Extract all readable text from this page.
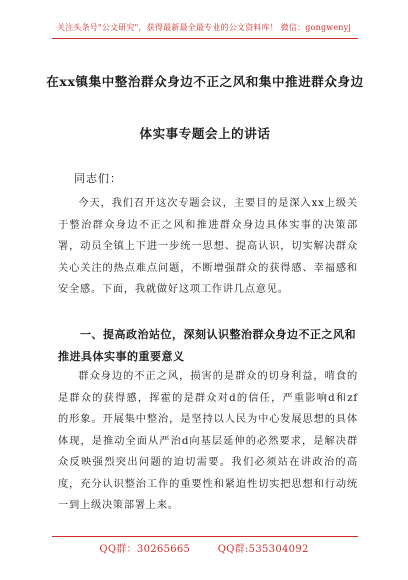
关注头条号"公文研究"，获得最新最全最专业的公文资料库！ 微信：gongwenyj
在xx镇集中整治群众身边不正之风和集中推进群众身边
体实事专题会上的讲话
同志们：
今天，我们召开这次专题会议，主要目的是深入xx上级关于整治群众身边不正之风和推进群众身边具体实事的决策部署，动员全镇上下进一步统一思想、提高认识，切实解决群众关心关注的热点难点问题，不断增强群众的获得感、幸福感和安全感。下面，我就做好这项工作讲几点意见。
一、提高政治站位，深刻认识整治群众身边不正之风和推进具体实事的重要意义
群众身边的不正之风，损害的是群众的切身利益，啃食的是群众的获得感，挥霍的是群众对d的信任，严重影响d和zf的形象。开展集中整治，是坚持以人民为中心发展思想的具体体现，是推动全面从严治d向基层延伸的必然要求，是解决群众反映强烈突出问题的迫切需要。我们必须站在讲政治的高度，充分认识整治工作的重要性和紧迫性切实把思想和行动统一到上级决策部署上来。
QQ群：30265665	QQ群:535304092
